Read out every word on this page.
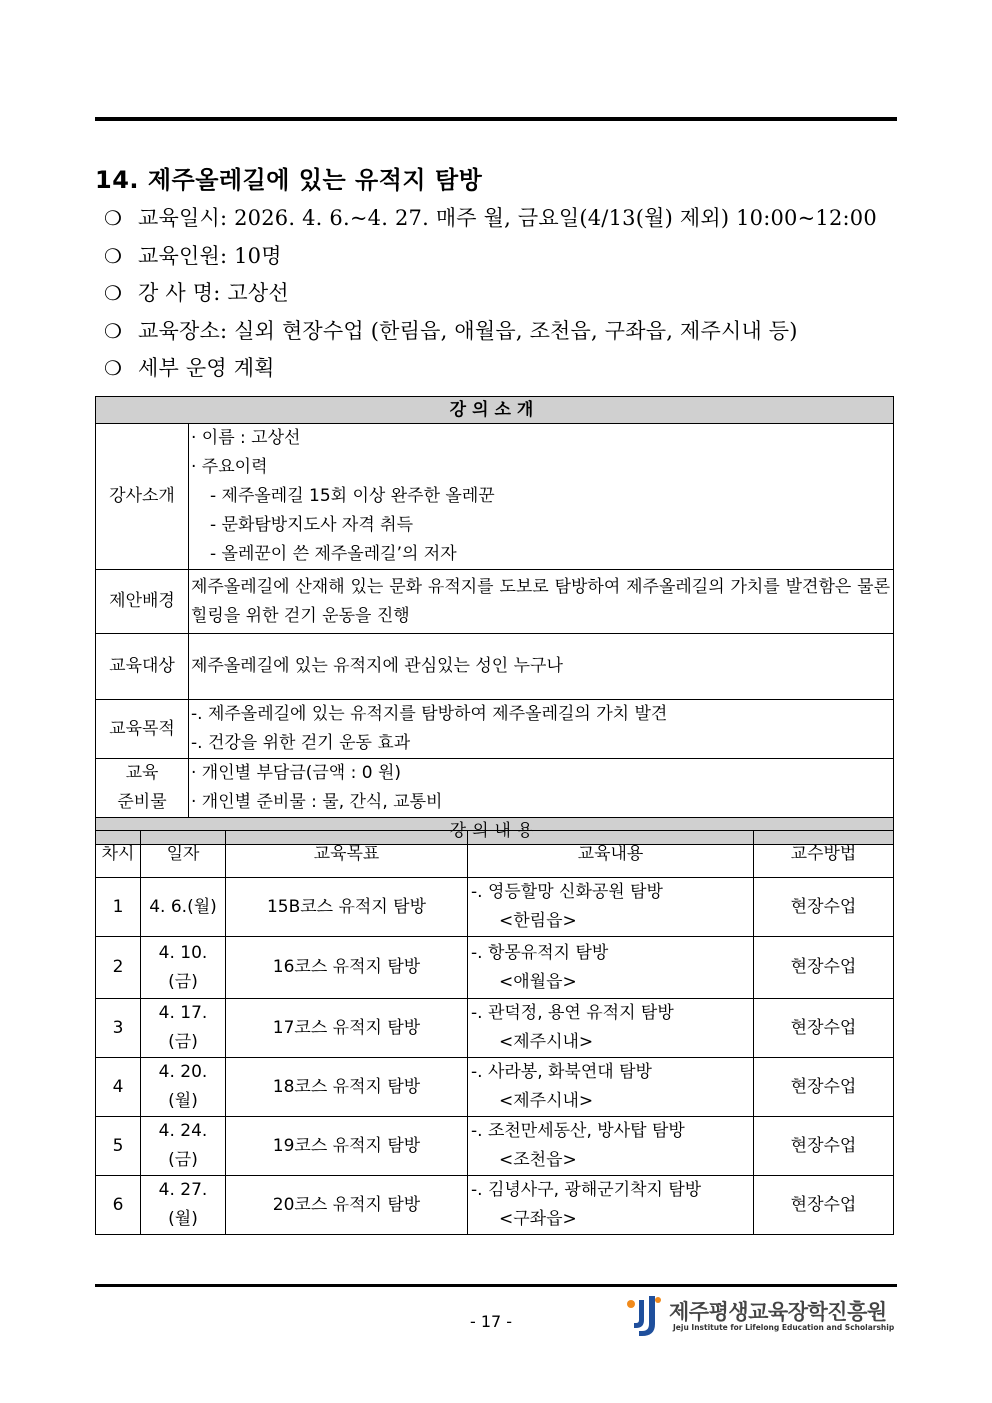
14. 제주올레길에 있는 유적지 탐방
❍ 교육일시: 2026. 4. 6.~4. 27. 매주 월, 금요일(4/13(월) 제외) 10:00~12:00
❍ 교육인원: 10명
❍ 강 사 명: 고상선
❍ 교육장소: 실외 현장수업 (한림읍, 애월읍, 조천읍, 구좌읍, 제주시내 등)
❍ 세부 운영 계획
강의소개	
강사소개	· 이름 : 고상선
· 주요이력
- 제주올레길 15회 이상 완주한 올레꾼
- 문화탐방지도사 자격 취득
- 올레꾼이 쓴 제주올레길’의 저자

제안배경	제주올레길에 산재해 있는 문화 유적지를 도보로 탐방하여 제주올레길의 가치를 발견함은 물론 힐링을 위한 걷기 운동을 진행
교육대상	제주올레길에 있는 유적지에 관심있는 성인 누구나
교육목적	-. 제주올레길에 있는 유적지를 탐방하여 제주올레길의 가치 발견
-. 건강을 위한 걷기 운동 효과

교육
준비물	· 개인별 부담금(금액 : 0 원)
· 개인별 준비물 : 물, 간식, 교통비

강의내용	
차시	일자	교육목표	교육내용	교수방법
1	4. 6.(월)	15B코스 유적지 탐방	-. 영등할망 신화공원 탐방
<한림읍>	현장수업
2	4. 10.(금)	16코스 유적지 탐방	-. 항몽유적지 탐방
<애월읍>	현장수업
3	4. 17.(금)	17코스 유적지 탐방	-. 관덕정, 용연 유적지 탐방
<제주시내>	현장수업
4	4. 20.(월)	18코스 유적지 탐방	-. 사라봉, 화북연대 탐방
<제주시내>	현장수업
5	4. 24.(금)	19코스 유적지 탐방	-. 조천만세동산, 방사탑 탐방
<조천읍>	현장수업
6	4. 27.(월)	20코스 유적지 탐방	-. 김녕사구, 광해군기착지 탐방
<구좌읍>	현장수업
- 17 -	제주평생교육장학진흥원
Jeju Institute for Lifelong Education and Scholarship
